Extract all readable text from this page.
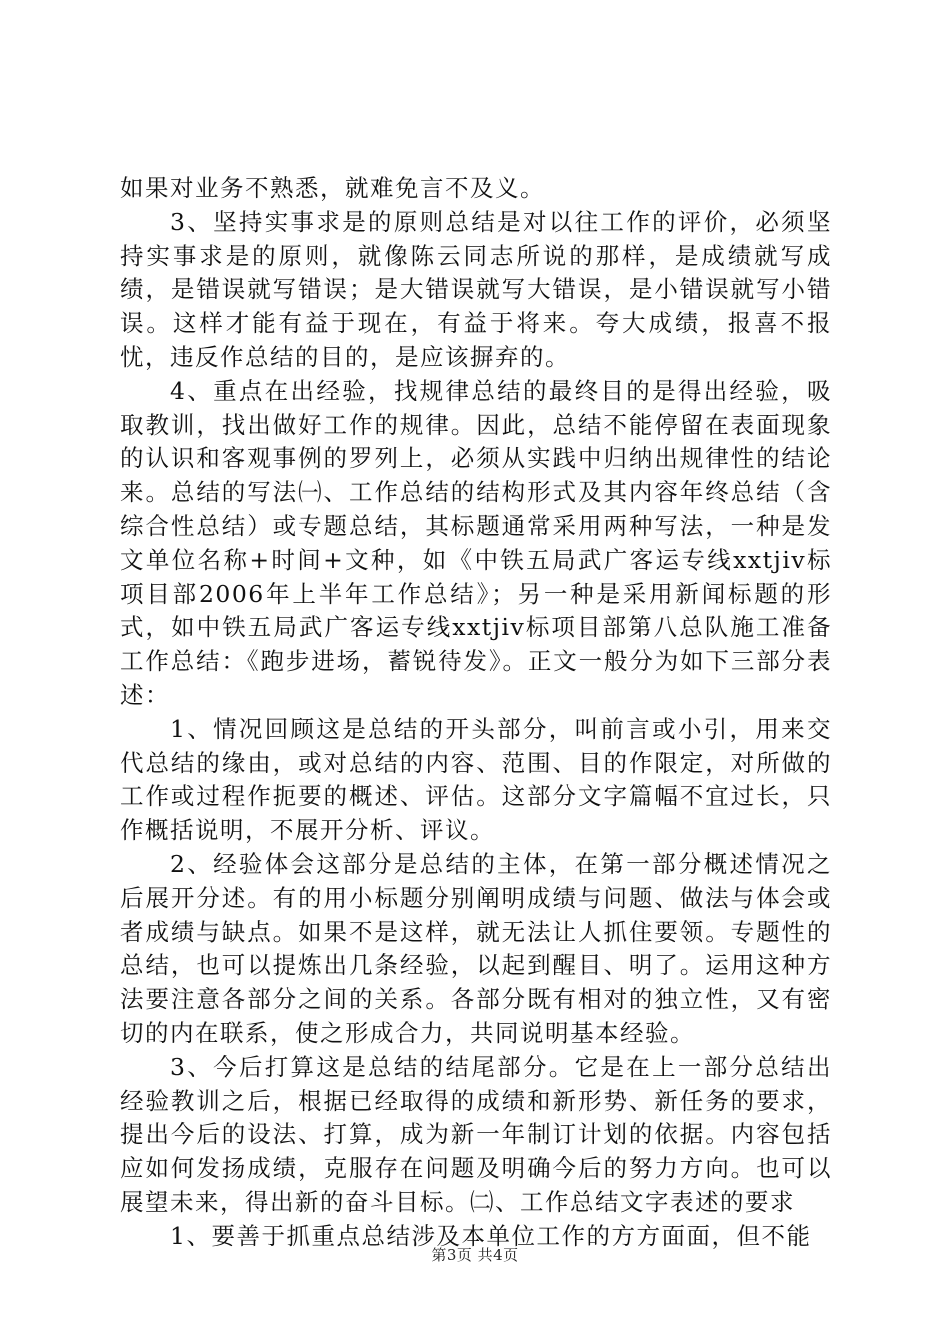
如果对业务不熟悉，就难免言不及义。

3、坚持实事求是的原则总结是对以往工作的评价，必须坚持实事求是的原则，就像陈云同志所说的那样，是成绩就写成绩，是错误就写错误；是大错误就写大错误，是小错误就写小错误。这样才能有益于现在，有益于将来。夸大成绩，报喜不报忧，违反作总结的目的，是应该摒弃的。

4、重点在出经验，找规律总结的最终目的是得出经验，吸取教训，找出做好工作的规律。因此，总结不能停留在表面现象的认识和客观事例的罗列上，必须从实践中归纳出规律性的结论来。总结的写法㈠、工作总结的结构形式及其内容年终总结（含综合性总结）或专题总结，其标题通常采用两种写法，一种是发文单位名称+时间+文种，如《中铁五局武广客运专线xxtjiv标项目部2006年上半年工作总结》；另一种是采用新闻标题的形式，如中铁五局武广客运专线xxtjiv标项目部第八总队施工准备工作总结：《跑步进场，蓄锐待发》。正文一般分为如下三部分表述：

1、情况回顾这是总结的开头部分，叫前言或小引，用来交代总结的缘由，或对总结的内容、范围、目的作限定，对所做的工作或过程作扼要的概述、评估。这部分文字篇幅不宜过长，只作概括说明，不展开分析、评议。

2、经验体会这部分是总结的主体，在第一部分概述情况之后展开分述。有的用小标题分别阐明成绩与问题、做法与体会或者成绩与缺点。如果不是这样，就无法让人抓住要领。专题性的总结，也可以提炼出几条经验，以起到醒目、明了。运用这种方法要注意各部分之间的关系。各部分既有相对的独立性，又有密切的内在联系，使之形成合力，共同说明基本经验。

3、今后打算这是总结的结尾部分。它是在上一部分总结出经验教训之后，根据已经取得的成绩和新形势、新任务的要求，提出今后的设法、打算，成为新一年制订计划的依据。内容包括应如何发扬成绩，克服存在问题及明确今后的努力方向。也可以展望未来，得出新的奋斗目标。㈡、工作总结文字表述的要求

1、要善于抓重点总结涉及本单位工作的方方面面，但不能

第3页 共4页
